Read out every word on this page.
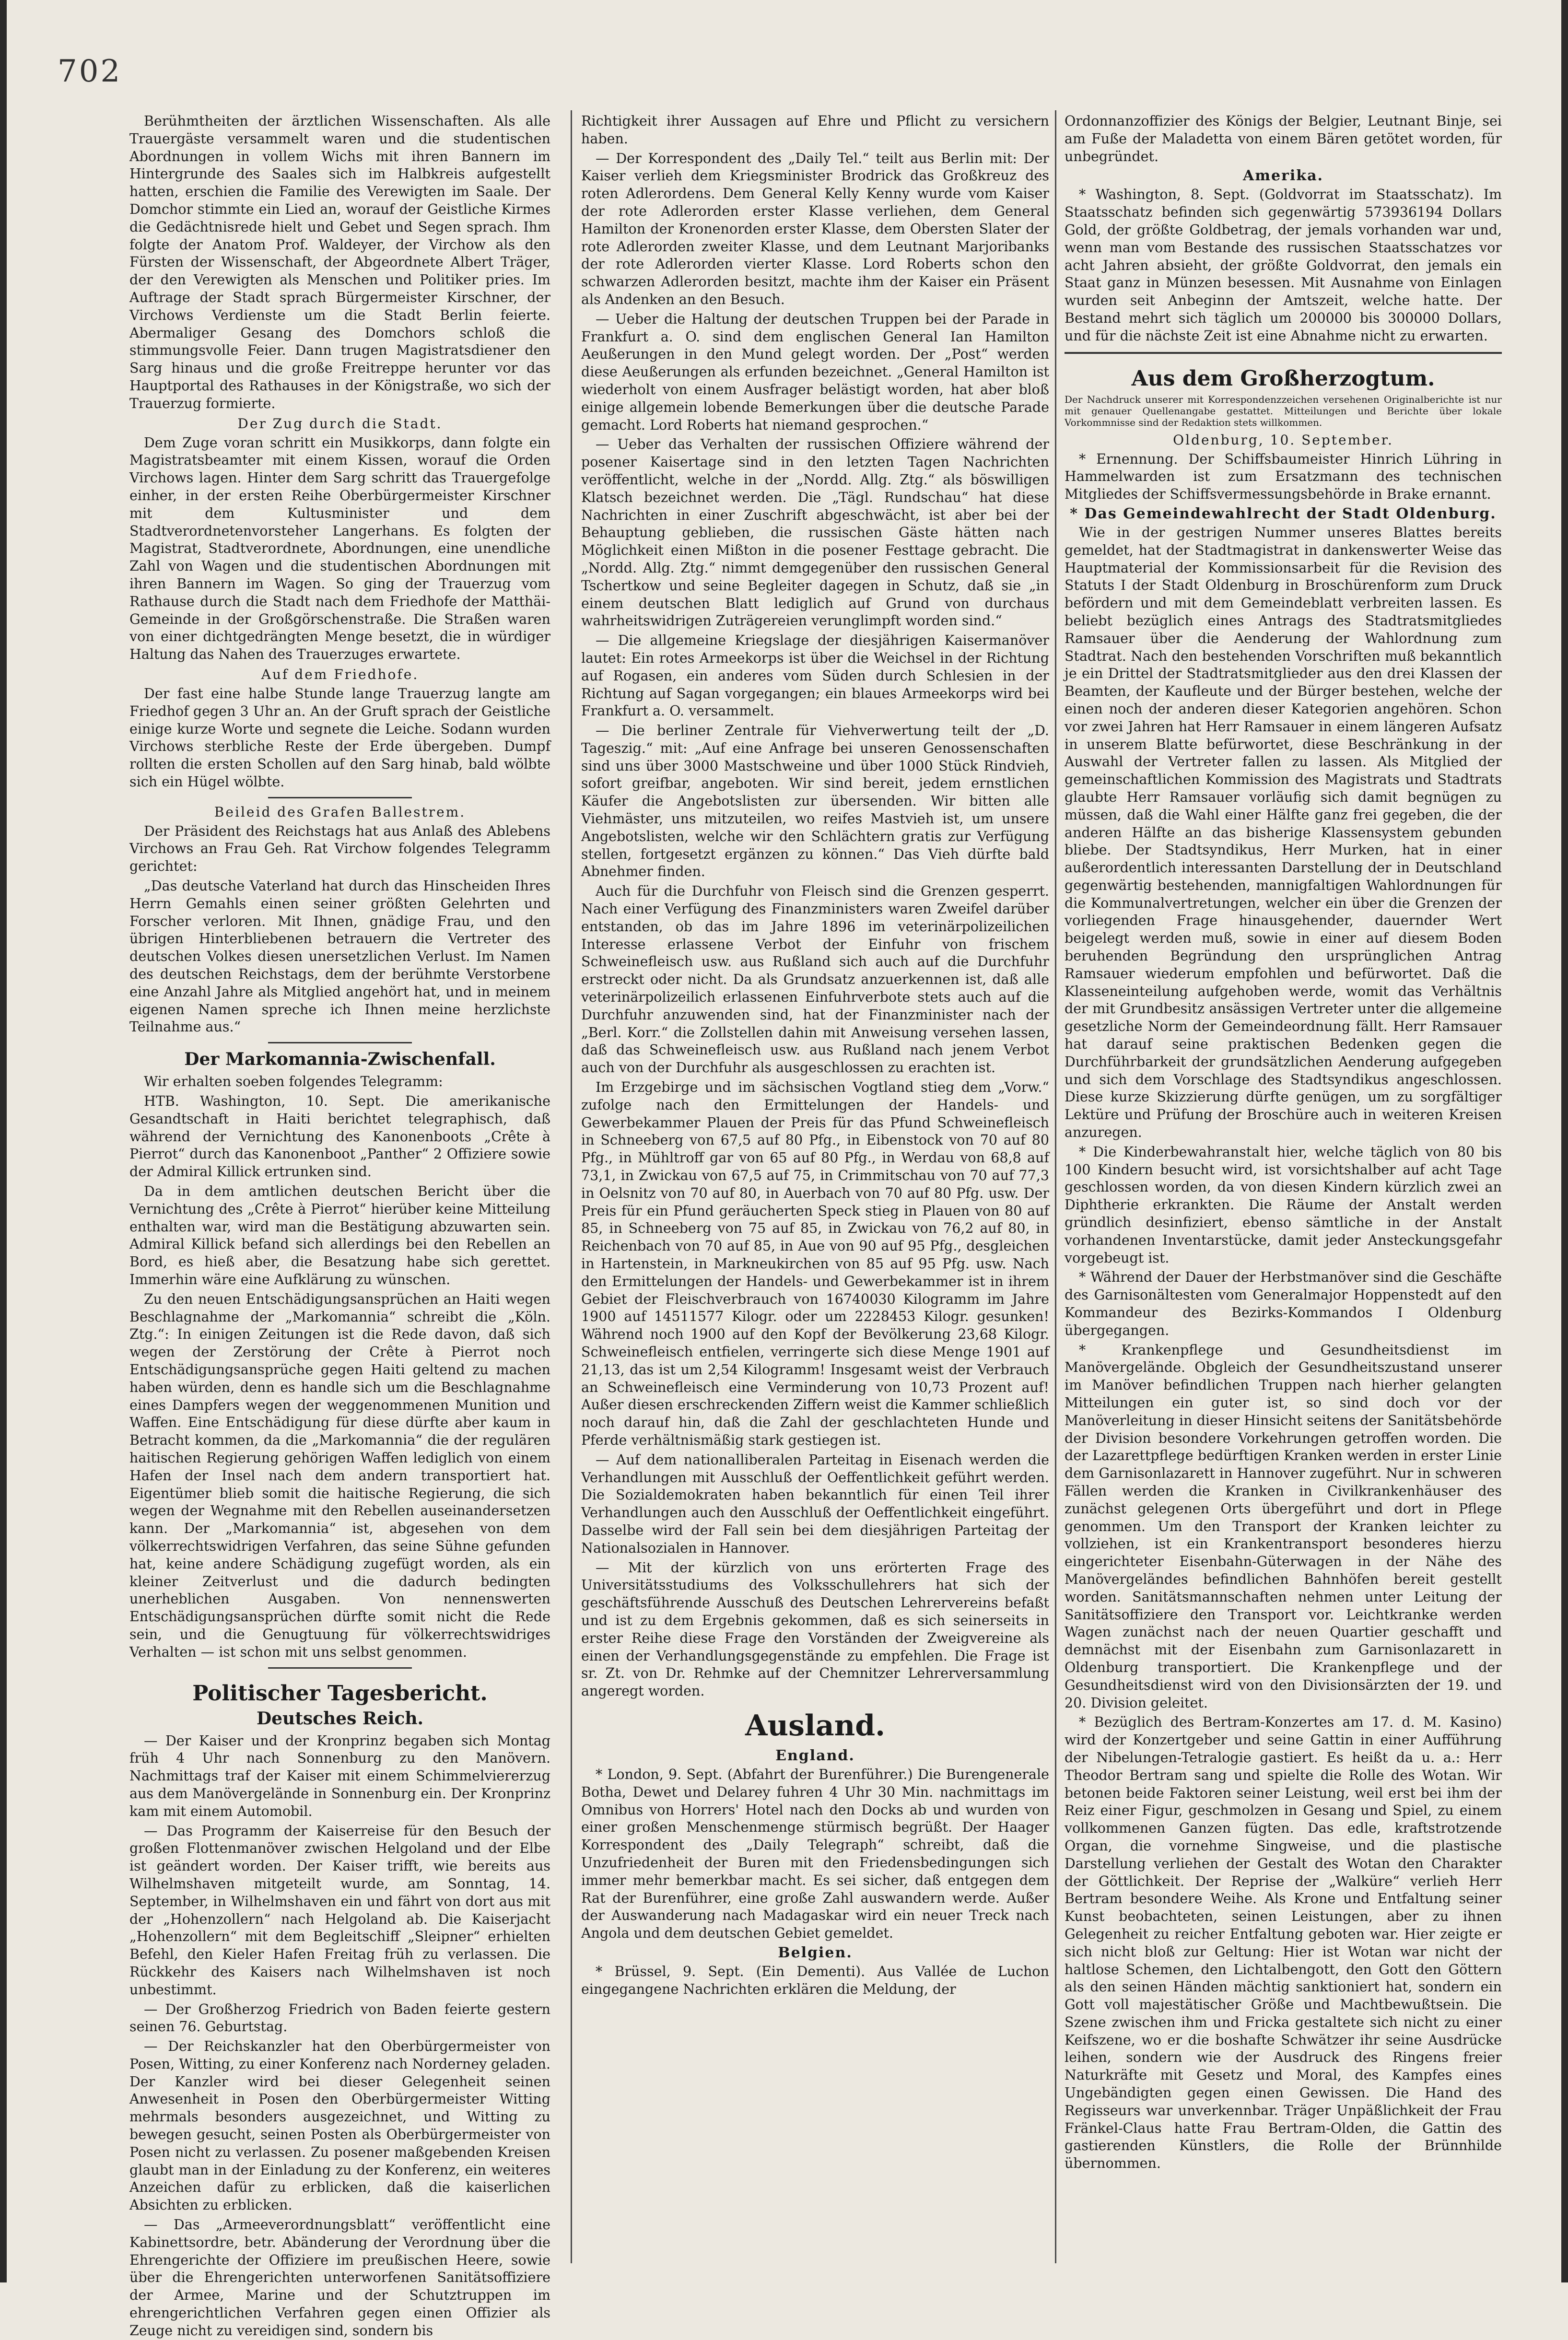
702
Berühmtheiten der ärztlichen Wissenschaften. Als alle Trauergäste versammelt waren und die studentischen Abordnungen in vollem Wichs mit ihren Bannern im Hintergrunde des Saales sich im Halbkreis aufgestellt hatten, erschien die Familie des Verewigten im Saale. Der Domchor stimmte ein Lied an, worauf der Geistliche Kirmes die Gedächtnisrede hielt und Gebet und Segen sprach. Ihm folgte der Anatom Prof. Waldeyer, der Virchow als den Fürsten der Wissenschaft, der Abgeordnete Albert Träger, der den Verewigten als Menschen und Politiker pries. Im Auftrage der Stadt sprach Bürgermeister Kirschner, der Virchows Verdienste um die Stadt Berlin feierte. Abermaliger Gesang des Domchors schloß die stimmungsvolle Feier. Dann trugen Magistratsdiener den Sarg hinaus und die große Freitreppe herunter vor das Hauptportal des Rathauses in der Königstraße, wo sich der Trauerzug formierte.
Der Zug durch die Stadt.
Dem Zuge voran schritt ein Musikkorps, dann folgte ein Magistratsbeamter mit einem Kissen, worauf die Orden Virchows lagen. Hinter dem Sarg schritt das Trauergefolge einher, in der ersten Reihe Oberbürgermeister Kirschner mit dem Kultusminister und dem Stadtverordnetenvorsteher Langerhans. Es folgten der Magistrat, Stadtverordnete, Abordnungen, eine unendliche Zahl von Wagen und die studentischen Abordnungen mit ihren Bannern im Wagen. So ging der Trauerzug vom Rathause durch die Stadt nach dem Friedhofe der Matthäi-Gemeinde in der Großgörschenstraße. Die Straßen waren von einer dichtgedrängten Menge besetzt, die in würdiger Haltung das Nahen des Trauerzuges erwartete.
Auf dem Friedhofe.
Der fast eine halbe Stunde lange Trauerzug langte am Friedhof gegen 3 Uhr an. An der Gruft sprach der Geistliche einige kurze Worte und segnete die Leiche. Sodann wurden Virchows sterbliche Reste der Erde übergeben. Dumpf rollten die ersten Schollen auf den Sarg hinab, bald wölbte sich ein Hügel wölbte.
Beileid des Grafen Ballestrem.
Der Präsident des Reichstags hat aus Anlaß des Ablebens Virchows an Frau Geh. Rat Virchow folgendes Telegramm gerichtet:
„Das deutsche Vaterland hat durch das Hinscheiden Ihres Herrn Gemahls einen seiner größten Gelehrten und Forscher verloren. Mit Ihnen, gnädige Frau, und den übrigen Hinterbliebenen betrauern die Vertreter des deutschen Volkes diesen unersetzlichen Verlust. Im Namen des deutschen Reichstags, dem der berühmte Verstorbene eine Anzahl Jahre als Mitglied angehört hat, und in meinem eigenen Namen spreche ich Ihnen meine herzlichste Teilnahme aus.“
Der Markomannia-Zwischenfall.
Wir erhalten soeben folgendes Telegramm:
HTB. Washington, 10. Sept. Die amerikanische Gesandtschaft in Haiti berichtet telegraphisch, daß während der Vernichtung des Kanonenboots „Crête à Pierrot“ durch das Kanonenboot „Panther“ 2 Offiziere sowie der Admiral Killick ertrunken sind.
Da in dem amtlichen deutschen Bericht über die Vernichtung des „Crête à Pierrot“ hierüber keine Mitteilung enthalten war, wird man die Bestätigung abzuwarten sein. Admiral Killick befand sich allerdings bei den Rebellen an Bord, es hieß aber, die Besatzung habe sich gerettet. Immerhin wäre eine Aufklärung zu wünschen.
Zu den neuen Entschädigungsansprüchen an Haiti wegen Beschlagnahme der „Markomannia“ schreibt die „Köln. Ztg.“: In einigen Zeitungen ist die Rede davon, daß sich wegen der Zerstörung der Crête à Pierrot noch Entschädigungsansprüche gegen Haiti geltend zu machen haben würden, denn es handle sich um die Beschlagnahme eines Dampfers wegen der weggenommenen Munition und Waffen. Eine Entschädigung für diese dürfte aber kaum in Betracht kommen, da die „Markomannia“ die der regulären haitischen Regierung gehörigen Waffen lediglich von einem Hafen der Insel nach dem andern transportiert hat. Eigentümer blieb somit die haitische Regierung, die sich wegen der Wegnahme mit den Rebellen auseinandersetzen kann. Der „Markomannia“ ist, abgesehen von dem völkerrechtswidrigen Verfahren, das seine Sühne gefunden hat, keine andere Schädigung zugefügt worden, als ein kleiner Zeitverlust und die dadurch bedingten unerheblichen Ausgaben. Von nennenswerten Entschädigungsansprüchen dürfte somit nicht die Rede sein, und die Genugtuung für völkerrechtswidriges Verhalten — ist schon mit uns selbst genommen.
Politischer Tagesbericht.
Deutsches Reich.
— Der Kaiser und der Kronprinz begaben sich Montag früh 4 Uhr nach Sonnenburg zu den Manövern. Nachmittags traf der Kaiser mit einem Schimmelviererzug aus dem Manövergelände in Sonnenburg ein. Der Kronprinz kam mit einem Automobil.
— Das Programm der Kaiserreise für den Besuch der großen Flottenmanöver zwischen Helgoland und der Elbe ist geändert worden. Der Kaiser trifft, wie bereits aus Wilhelmshaven mitgeteilt wurde, am Sonntag, 14. September, in Wilhelmshaven ein und fährt von dort aus mit der „Hohenzollern“ nach Helgoland ab. Die Kaiserjacht „Hohenzollern“ mit dem Begleitschiff „Sleipner“ erhielten Befehl, den Kieler Hafen Freitag früh zu verlassen. Die Rückkehr des Kaisers nach Wilhelmshaven ist noch unbestimmt.
— Der Großherzog Friedrich von Baden feierte gestern seinen 76. Geburtstag.
— Der Reichskanzler hat den Oberbürgermeister von Posen, Witting, zu einer Konferenz nach Norderney geladen. Der Kanzler wird bei dieser Gelegenheit seinen Anwesenheit in Posen den Oberbürgermeister Witting mehrmals besonders ausgezeichnet, und Witting zu bewegen gesucht, seinen Posten als Oberbürgermeister von Posen nicht zu verlassen. Zu posener maßgebenden Kreisen glaubt man in der Einladung zu der Konferenz, ein weiteres Anzeichen dafür zu erblicken, daß die kaiserlichen Absichten zu erblicken.
— Das „Armeeverordnungsblatt“ veröffentlicht eine Kabinettsordre, betr. Abänderung der Verordnung über die Ehrengerichte der Offiziere im preußischen Heere, sowie über die Ehrengerichten unterworfenen Sanitätsoffiziere der Armee, Marine und der Schutztruppen im ehrengerichtlichen Verfahren gegen einen Offizier als Zeuge nicht zu vereidigen sind, sondern bis
Richtigkeit ihrer Aussagen auf Ehre und Pflicht zu versichern haben.
— Der Korrespondent des „Daily Tel.“ teilt aus Berlin mit: Der Kaiser verlieh dem Kriegsminister Brodrick das Großkreuz des roten Adlerordens. Dem General Kelly Kenny wurde vom Kaiser der rote Adlerorden erster Klasse verliehen, dem General Hamilton der Kronenorden erster Klasse, dem Obersten Slater der rote Adlerorden zweiter Klasse, und dem Leutnant Marjoribanks der rote Adlerorden vierter Klasse. Lord Roberts schon den schwarzen Adlerorden besitzt, machte ihm der Kaiser ein Präsent als Andenken an den Besuch.
— Ueber die Haltung der deutschen Truppen bei der Parade in Frankfurt a. O. sind dem englischen General Ian Hamilton Aeußerungen in den Mund gelegt worden. Der „Post“ werden diese Aeußerungen als erfunden bezeichnet. „General Hamilton ist wiederholt von einem Ausfrager belästigt worden, hat aber bloß einige allgemein lobende Bemerkungen über die deutsche Parade gemacht. Lord Roberts hat niemand gesprochen.“
— Ueber das Verhalten der russischen Offiziere während der posener Kaisertage sind in den letzten Tagen Nachrichten veröffentlicht, welche in der „Nordd. Allg. Ztg.“ als böswilligen Klatsch bezeichnet werden. Die „Tägl. Rundschau“ hat diese Nachrichten in einer Zuschrift abgeschwächt, ist aber bei der Behauptung geblieben, die russischen Gäste hätten nach Möglichkeit einen Mißton in die posener Festtage gebracht. Die „Nordd. Allg. Ztg.“ nimmt demgegenüber den russischen General Tschertkow und seine Begleiter dagegen in Schutz, daß sie „in einem deutschen Blatt lediglich auf Grund von durchaus wahrheitswidrigen Zuträgereien verunglimpft worden sind.“
— Die allgemeine Kriegslage der diesjährigen Kaisermanöver lautet: Ein rotes Armeekorps ist über die Weichsel in der Richtung auf Rogasen, ein anderes vom Süden durch Schlesien in der Richtung auf Sagan vorgegangen; ein blaues Armeekorps wird bei Frankfurt a. O. versammelt.
— Die berliner Zentrale für Viehverwertung teilt der „D. Tageszig.“ mit: „Auf eine Anfrage bei unseren Genossenschaften sind uns über 3000 Mastschweine und über 1000 Stück Rindvieh, sofort greifbar, angeboten. Wir sind bereit, jedem ernstlichen Käufer die Angebotslisten zur übersenden. Wir bitten alle Viehmäster, uns mitzuteilen, wo reifes Mastvieh ist, um unsere Angebotslisten, welche wir den Schlächtern gratis zur Verfügung stellen, fortgesetzt ergänzen zu können.“ Das Vieh dürfte bald Abnehmer finden.
Auch für die Durchfuhr von Fleisch sind die Grenzen gesperrt. Nach einer Verfügung des Finanzministers waren Zweifel darüber entstanden, ob das im Jahre 1896 im veterinärpolizeilichen Interesse erlassene Verbot der Einfuhr von frischem Schweinefleisch usw. aus Rußland sich auch auf die Durchfuhr erstreckt oder nicht. Da als Grundsatz anzuerkennen ist, daß alle veterinärpolizeilich erlassenen Einfuhrverbote stets auch auf die Durchfuhr anzuwenden sind, hat der Finanzminister nach der „Berl. Korr.“ die Zollstellen dahin mit Anweisung versehen lassen, daß das Schweinefleisch usw. aus Rußland nach jenem Verbot auch von der Durchfuhr als ausgeschlossen zu erachten ist.
Im Erzgebirge und im sächsischen Vogtland stieg dem „Vorw.“ zufolge nach den Ermittelungen der Handels- und Gewerbekammer Plauen der Preis für das Pfund Schweinefleisch in Schneeberg von 67,5 auf 80 Pfg., in Eibenstock von 70 auf 80 Pfg., in Mühltroff gar von 65 auf 80 Pfg., in Werdau von 68,8 auf 73,1, in Zwickau von 67,5 auf 75, in Crimmitschau von 70 auf 77,3 in Oelsnitz von 70 auf 80, in Auerbach von 70 auf 80 Pfg. usw. Der Preis für ein Pfund geräucherten Speck stieg in Plauen von 80 auf 85, in Schneeberg von 75 auf 85, in Zwickau von 76,2 auf 80, in Reichenbach von 70 auf 85, in Aue von 90 auf 95 Pfg., desgleichen in Hartenstein, in Markneukirchen von 85 auf 95 Pfg. usw. Nach den Ermittelungen der Handels- und Gewerbekammer ist in ihrem Gebiet der Fleischverbrauch von 16740030 Kilogramm im Jahre 1900 auf 14511577 Kilogr. oder um 2228453 Kilogr. gesunken! Während noch 1900 auf den Kopf der Bevölkerung 23,68 Kilogr. Schweinefleisch entfielen, verringerte sich diese Menge 1901 auf 21,13, das ist um 2,54 Kilogramm! Insgesamt weist der Verbrauch an Schweinefleisch eine Verminderung von 10,73 Prozent auf! Außer diesen erschreckenden Ziffern weist die Kammer schließlich noch darauf hin, daß die Zahl der geschlachteten Hunde und Pferde verhältnismäßig stark gestiegen ist.
— Auf dem nationalliberalen Parteitag in Eisenach werden die Verhandlungen mit Ausschluß der Oeffentlichkeit geführt werden. Die Sozialdemokraten haben bekanntlich für einen Teil ihrer Verhandlungen auch den Ausschluß der Oeffentlichkeit eingeführt. Dasselbe wird der Fall sein bei dem diesjährigen Parteitag der Nationalsozialen in Hannover.
— Mit der kürzlich von uns erörterten Frage des Universitätsstudiums des Volksschullehrers hat sich der geschäftsführende Ausschuß des Deutschen Lehrervereins befaßt und ist zu dem Ergebnis gekommen, daß es sich seinerseits in erster Reihe diese Frage den Vorständen der Zweigvereine als einen der Verhandlungsgegenstände zu empfehlen. Die Frage ist sr. Zt. von Dr. Rehmke auf der Chemnitzer Lehrerversammlung angeregt worden.
Ausland.
England.
* London, 9. Sept. (Abfahrt der Burenführer.) Die Burengenerale Botha, Dewet und Delarey fuhren 4 Uhr 30 Min. nachmittags im Omnibus von Horrers' Hotel nach den Docks ab und wurden von einer großen Menschenmenge stürmisch begrüßt. Der Haager Korrespondent des „Daily Telegraph“ schreibt, daß die Unzufriedenheit der Buren mit den Friedensbedingungen sich immer mehr bemerkbar macht. Es sei sicher, daß entgegen dem Rat der Burenführer, eine große Zahl auswandern werde. Außer der Auswanderung nach Madagaskar wird ein neuer Treck nach Angola und dem deutschen Gebiet gemeldet.
Belgien.
* Brüssel, 9. Sept. (Ein Dementi). Aus Vallée de Luchon eingegangene Nachrichten erklären die Meldung, der
Ordonnanzoffizier des Königs der Belgier, Leutnant Binje, sei am Fuße der Maladetta von einem Bären getötet worden, für unbegründet.
Amerika.
* Washington, 8. Sept. (Goldvorrat im Staatsschatz). Im Staatsschatz befinden sich gegenwärtig 573936194 Dollars Gold, der größte Goldbetrag, der jemals vorhanden war und, wenn man vom Bestande des russischen Staatsschatzes vor acht Jahren absieht, der größte Goldvorrat, den jemals ein Staat ganz in Münzen besessen. Mit Ausnahme von Einlagen wurden seit Anbeginn der Amtszeit, welche hatte. Der Bestand mehrt sich täglich um 200000 bis 300000 Dollars, und für die nächste Zeit ist eine Abnahme nicht zu erwarten.
Aus dem Großherzogtum.
Der Nachdruck unserer mit Korrespondenzzeichen versehenen Originalberichte ist nur mit genauer Quellenangabe gestattet. Mitteilungen und Berichte über lokale Vorkommnisse sind der Redaktion stets willkommen.
Oldenburg, 10. September.
* Ernennung. Der Schiffsbaumeister Hinrich Lühring in Hammelwarden ist zum Ersatzmann des technischen Mitgliedes der Schiffsvermessungsbehörde in Brake ernannt.
* Das Gemeindewahlrecht der Stadt Oldenburg.
Wie in der gestrigen Nummer unseres Blattes bereits gemeldet, hat der Stadtmagistrat in dankenswerter Weise das Hauptmaterial der Kommissionsarbeit für die Revision des Statuts I der Stadt Oldenburg in Broschürenform zum Druck befördern und mit dem Gemeindeblatt verbreiten lassen. Es beliebt bezüglich eines Antrags des Stadtratsmitgliedes Ramsauer über die Aenderung der Wahlordnung zum Stadtrat. Nach den bestehenden Vorschriften muß bekanntlich je ein Drittel der Stadtratsmitglieder aus den drei Klassen der Beamten, der Kaufleute und der Bürger bestehen, welche der einen noch der anderen dieser Kategorien angehören. Schon vor zwei Jahren hat Herr Ramsauer in einem längeren Aufsatz in unserem Blatte befürwortet, diese Beschränkung in der Auswahl der Vertreter fallen zu lassen. Als Mitglied der gemeinschaftlichen Kommission des Magistrats und Stadtrats glaubte Herr Ramsauer vorläufig sich damit begnügen zu müssen, daß die Wahl einer Hälfte ganz frei gegeben, die der anderen Hälfte an das bisherige Klassensystem gebunden bliebe. Der Stadtsyndikus, Herr Murken, hat in einer außerordentlich interessanten Darstellung der in Deutschland gegenwärtig bestehenden, mannigfaltigen Wahlordnungen für die Kommunalvertretungen, welcher ein über die Grenzen der vorliegenden Frage hinausgehender, dauernder Wert beigelegt werden muß, sowie in einer auf diesem Boden beruhenden Begründung den ursprünglichen Antrag Ramsauer wiederum empfohlen und befürwortet. Daß die Klasseneinteilung aufgehoben werde, womit das Verhältnis der mit Grundbesitz ansässigen Vertreter unter die allgemeine gesetzliche Norm der Gemeindeordnung fällt. Herr Ramsauer hat darauf seine praktischen Bedenken gegen die Durchführbarkeit der grundsätzlichen Aenderung aufgegeben und sich dem Vorschlage des Stadtsyndikus angeschlossen. Diese kurze Skizzierung dürfte genügen, um zu sorgfältiger Lektüre und Prüfung der Broschüre auch in weiteren Kreisen anzuregen.
* Die Kinderbewahranstalt hier, welche täglich von 80 bis 100 Kindern besucht wird, ist vorsichtshalber auf acht Tage geschlossen worden, da von diesen Kindern kürzlich zwei an Diphtherie erkrankten. Die Räume der Anstalt werden gründlich desinfiziert, ebenso sämtliche in der Anstalt vorhandenen Inventarstücke, damit jeder Ansteckungsgefahr vorgebeugt ist.
* Während der Dauer der Herbstmanöver sind die Geschäfte des Garnisonältesten vom Generalmajor Hoppenstedt auf den Kommandeur des Bezirks-Kommandos I Oldenburg übergegangen.
* Krankenpflege und Gesundheitsdienst im Manövergelände. Obgleich der Gesundheitszustand unserer im Manöver befindlichen Truppen nach hierher gelangten Mitteilungen ein guter ist, so sind doch vor der Manöverleitung in dieser Hinsicht seitens der Sanitätsbehörde der Division besondere Vorkehrungen getroffen worden. Die der Lazarettpflege bedürftigen Kranken werden in erster Linie dem Garnisonlazarett in Hannover zugeführt. Nur in schweren Fällen werden die Kranken in Civilkrankenhäuser des zunächst gelegenen Orts übergeführt und dort in Pflege genommen. Um den Transport der Kranken leichter zu vollziehen, ist ein Krankentransport besonderes hierzu eingerichteter Eisenbahn-Güterwagen in der Nähe des Manövergeländes befindlichen Bahnhöfen bereit gestellt worden. Sanitätsmannschaften nehmen unter Leitung der Sanitätsoffiziere den Transport vor. Leichtkranke werden Wagen zunächst nach der neuen Quartier geschafft und demnächst mit der Eisenbahn zum Garnisonlazarett in Oldenburg transportiert. Die Krankenpflege und der Gesundheitsdienst wird von den Divisionsärzten der 19. und 20. Division geleitet.
* Bezüglich des Bertram-Konzertes am 17. d. M. Kasino) wird der Konzertgeber und seine Gattin in einer Aufführung der Nibelungen-Tetralogie gastiert. Es heißt da u. a.: Herr Theodor Bertram sang und spielte die Rolle des Wotan. Wir betonen beide Faktoren seiner Leistung, weil erst bei ihm der Reiz einer Figur, geschmolzen in Gesang und Spiel, zu einem vollkommenen Ganzen fügten. Das edle, kraftstrotzende Organ, die vornehme Singweise, und die plastische Darstellung verliehen der Gestalt des Wotan den Charakter der Göttlichkeit. Der Reprise der „Walküre“ verlieh Herr Bertram besondere Weihe. Als Krone und Entfaltung seiner Kunst beobachteten, seinen Leistungen, aber zu ihnen Gelegenheit zu reicher Entfaltung geboten war. Hier zeigte er sich nicht bloß zur Geltung: Hier ist Wotan war nicht der haltlose Schemen, den Lichtalbengott, den Gott den Göttern als den seinen Händen mächtig sanktioniert hat, sondern ein Gott voll majestätischer Größe und Machtbewußtsein. Die Szene zwischen ihm und Fricka gestaltete sich nicht zu einer Keifszene, wo er die boshafte Schwätzer ihr seine Ausdrücke leihen, sondern wie der Ausdruck des Ringens freier Naturkräfte mit Gesetz und Moral, des Kampfes eines Ungebändigten gegen einen Gewissen. Die Hand des Regisseurs war unverkennbar. Träger Unpäßlichkeit der Frau Fränkel-Claus hatte Frau Bertram-Olden, die Gattin des gastierenden Künstlers, die Rolle der Brünnhilde übernommen.
